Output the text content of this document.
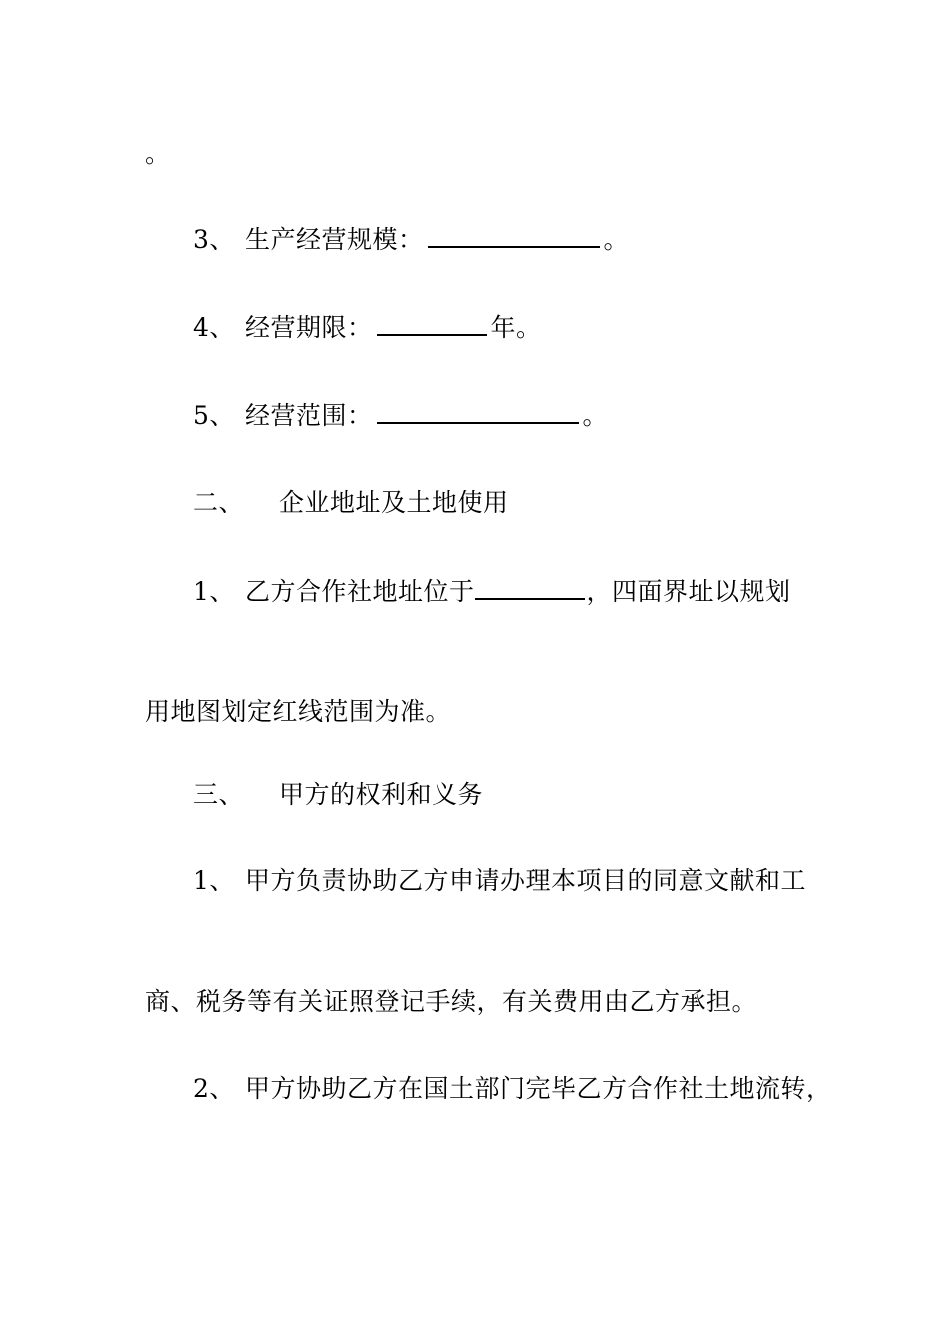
。
3、 生产经营规模：	。
4、 经营期限：	年。
5、 经营范围：	。
二、 企业地址及土地使用
1、 乙方合作社地址位于	，四面界址以规划
用地图划定红线范围为准。
三、 甲方的权利和义务
1、 甲方负责协助乙方申请办理本项目的同意文献和工
商、税务等有关证照登记手续，有关费用由乙方承担。
2、 甲方协助乙方在国土部门完毕乙方合作社土地流转，
